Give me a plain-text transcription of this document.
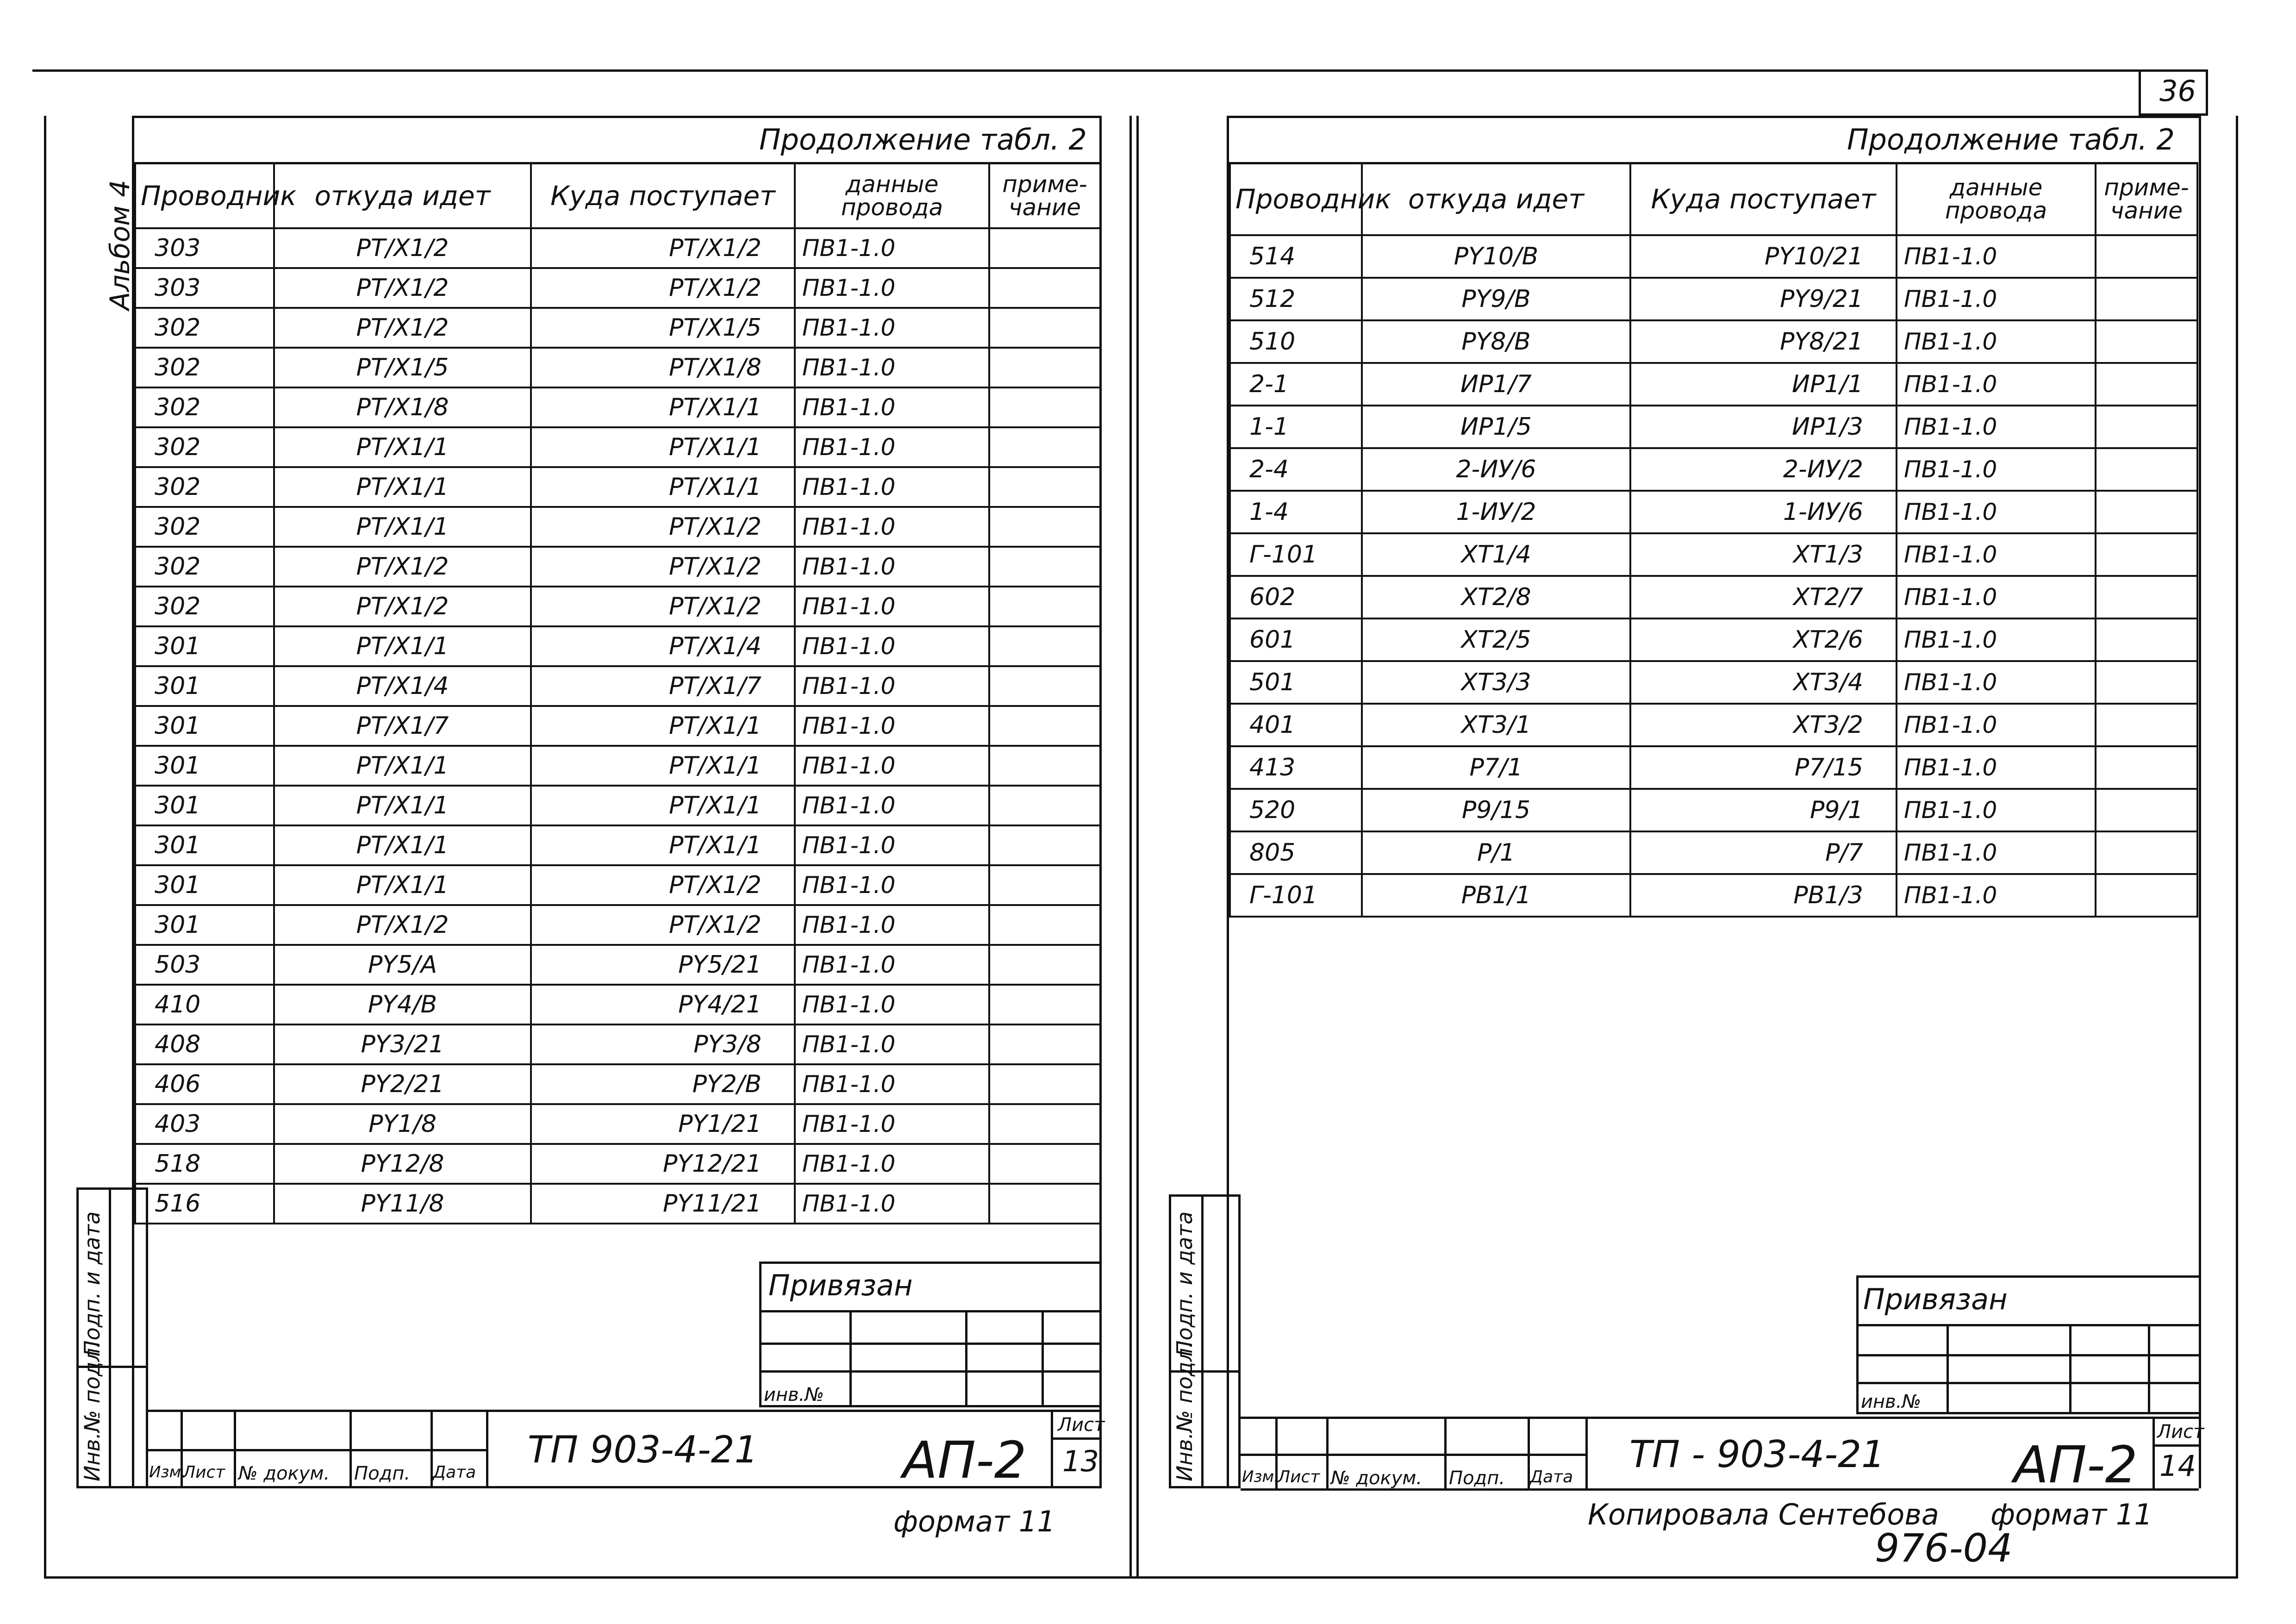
36
Альбом 4
Продолжение табл. 2
Проводник	откуда идет	Куда поступает	данные провода	приме- чание
303	PT/X1/2	PT/X1/2	ПВ1-1.0	
303	PT/X1/2	PT/X1/2	ПВ1-1.0	
302	PT/X1/2	PT/X1/5	ПВ1-1.0	
302	PT/X1/5	PT/X1/8	ПВ1-1.0	
302	PT/X1/8	PT/X1/1	ПВ1-1.0	
302	PT/X1/1	PT/X1/1	ПВ1-1.0	
302	PT/X1/1	PT/X1/1	ПВ1-1.0	
302	PT/X1/1	PT/X1/2	ПВ1-1.0	
302	PT/X1/2	PT/X1/2	ПВ1-1.0	
302	PT/X1/2	PT/X1/2	ПВ1-1.0	
301	PT/X1/1	PT/X1/4	ПВ1-1.0	
301	PT/X1/4	PT/X1/7	ПВ1-1.0	
301	PT/X1/7	PT/X1/1	ПВ1-1.0	
301	PT/X1/1	PT/X1/1	ПВ1-1.0	
301	PT/X1/1	PT/X1/1	ПВ1-1.0	
301	PT/X1/1	PT/X1/1	ПВ1-1.0	
301	PT/X1/1	PT/X1/2	ПВ1-1.0	
301	PT/X1/2	PT/X1/2	ПВ1-1.0	
503	PY5/A	PY5/21	ПВ1-1.0	
410	PY4/B	PY4/21	ПВ1-1.0	
408	PY3/21	PY3/8	ПВ1-1.0	
406	PY2/21	PY2/B	ПВ1-1.0	
403	PY1/8	PY1/21	ПВ1-1.0	
518	PY12/8	PY12/21	ПВ1-1.0	
516	PY11/8	PY11/21	ПВ1-1.0	
Подп. и дата
Инв.№ подл.
Привязан
инв.№
Изм.
Лист № докум. Подп. Дата
ТП 903-4-21	АП-2
Лист
13
формат 11
Продолжение табл. 2
Проводник	откуда идет	Куда поступает	данные провода	приме- чание
514	PY10/B	PY10/21	ПВ1-1.0	
512	PY9/B	PY9/21	ПВ1-1.0	
510	PY8/B	PY8/21	ПВ1-1.0	
2-1	ИР1/7	ИР1/1	ПВ1-1.0	
1-1	ИР1/5	ИР1/3	ПВ1-1.0	
2-4	2-ИУ/6	2-ИУ/2	ПВ1-1.0	
1-4	1-ИУ/2	1-ИУ/6	ПВ1-1.0	
Г-101	XT1/4	XT1/3	ПВ1-1.0	
602	XT2/8	XT2/7	ПВ1-1.0	
601	XT2/5	XT2/6	ПВ1-1.0	
501	XT3/3	XT3/4	ПВ1-1.0	
401	XT3/1	XT3/2	ПВ1-1.0	
413	P7/1	P7/15	ПВ1-1.0	
520	P9/15	P9/1	ПВ1-1.0	
805	P/1	P/7	ПВ1-1.0	
Г-101	PB1/1	PB1/3	ПВ1-1.0	
Подп. и дата
Инв.№ подл.
Привязан
инв.№
Изм.
Лист № докум. Подп. Дата
ТП - 903-4-21	АП-2
Лист
14
Копировала Сентебова формат 11
976-04
